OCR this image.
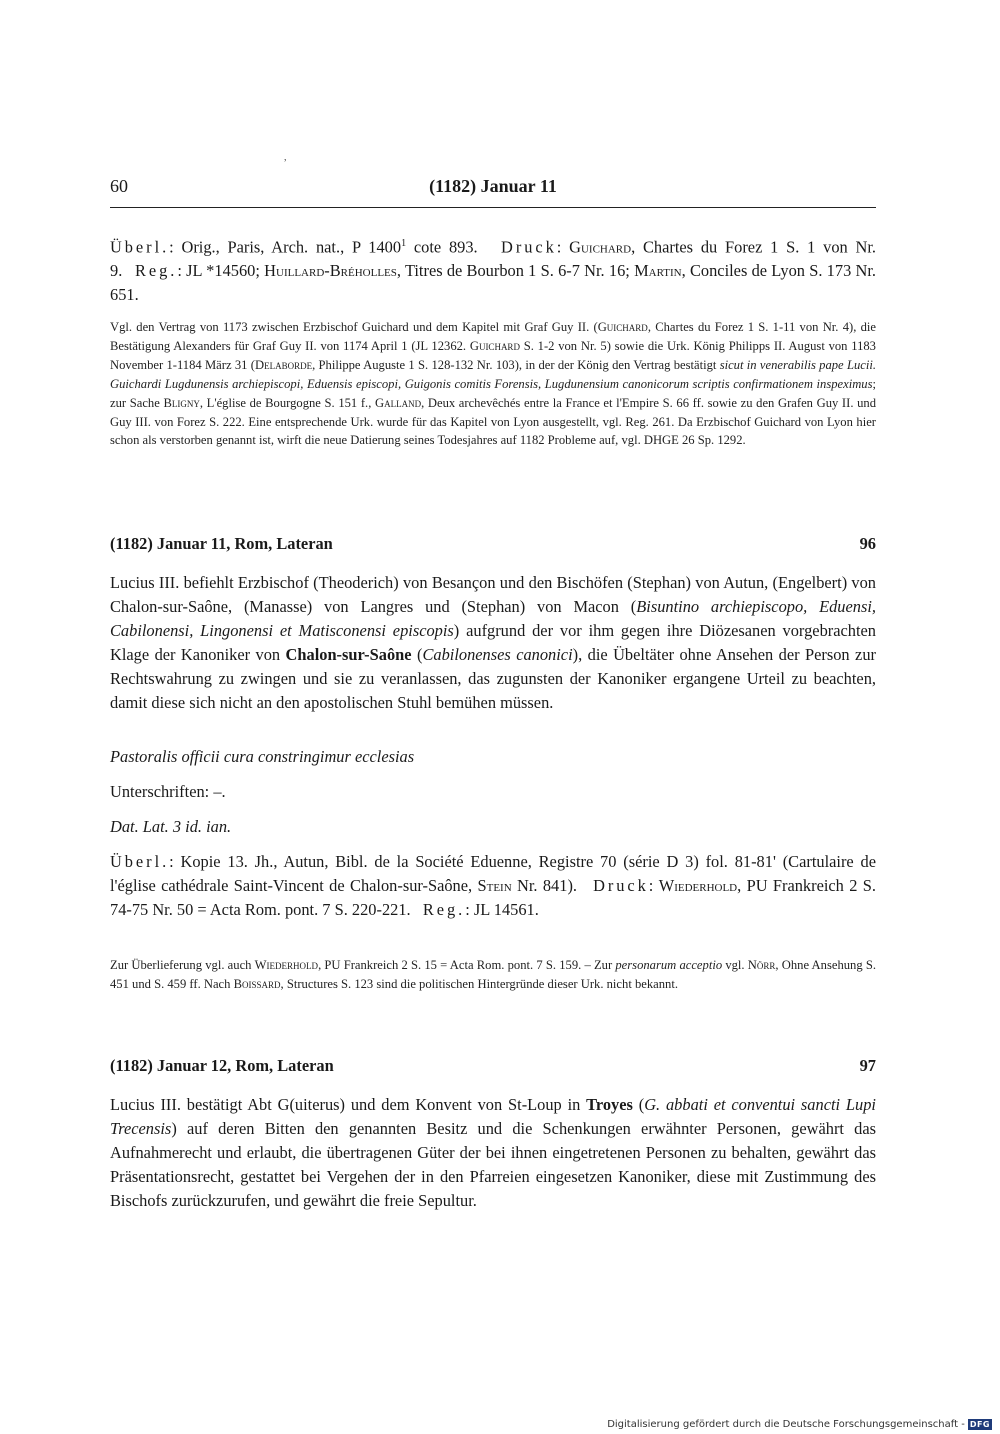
,
60	(1182) Januar 11
Überl.: Orig., Paris, Arch. nat., P 1400$^1$ cote 893. Druck: Guichard, Chartes du Forez 1 S. 1 von Nr. 9. Reg.: JL *14560; Huillard-Bréholles, Titres de Bourbon 1 S. 6-7 Nr. 16; Martin, Conciles de Lyon S. 173 Nr. 651.
Vgl. den Vertrag von 1173 zwischen Erzbischof Guichard und dem Kapitel mit Graf Guy II. (Guichard, Chartes du Forez 1 S. 1-11 von Nr. 4), die Bestätigung Alexanders für Graf Guy II. von 1174 April 1 (JL 12362. Guichard S. 1-2 von Nr. 5) sowie die Urk. König Philipps II. August von 1183 November 1-1184 März 31 (Delaborde, Philippe Auguste 1 S. 128-132 Nr. 103), in der der König den Vertrag bestätigt sicut in venerabilis pape Lucii. Guichardi Lugdunensis archiepiscopi, Eduensis episcopi, Guigonis comitis Forensis, Lugdunensium canonicorum scriptis confirmationem inspeximus; zur Sache Bligny, L'église de Bourgogne S. 151 f., Galland, Deux archevêchés entre la France et l'Empire S. 66 ff. sowie zu den Grafen Guy II. und Guy III. von Forez S. 222. Eine entsprechende Urk. wurde für das Kapitel von Lyon ausgestellt, vgl. Reg. 261. Da Erzbischof Guichard von Lyon hier schon als verstorben genannt ist, wirft die neue Datierung seines Todesjahres auf 1182 Probleme auf, vgl. DHGE 26 Sp. 1292.
(1182) Januar 11, Rom, Lateran	96
Lucius III. befiehlt Erzbischof (Theoderich) von Besançon und den Bischöfen (Stephan) von Autun, (Engelbert) von Chalon-sur-Saône, (Manasse) von Langres und (Stephan) von Macon (Bisuntino archiepiscopo, Eduensi, Cabilonensi, Lingonensi et Matisconensi episcopis) aufgrund der vor ihm gegen ihre Diözesanen vorgebrachten Klage der Kanoniker von Chalon-sur-Saône (Cabilonenses canonici), die Übeltäter ohne Ansehen der Person zur Rechtswahrung zu zwingen und sie zu veranlassen, das zugunsten der Kanoniker ergangene Urteil zu beachten, damit diese sich nicht an den apostolischen Stuhl bemühen müssen.
Pastoralis officii cura constringimur ecclesias
Unterschriften: –.
Dat. Lat. 3 id. ian.
Überl.: Kopie 13. Jh., Autun, Bibl. de la Société Eduenne, Registre 70 (série D 3) fol. 81-81' (Cartulaire de l'église cathédrale Saint-Vincent de Chalon-sur-Saône, Stein Nr. 841). Druck: Wiederhold, PU Frankreich 2 S. 74-75 Nr. 50 = Acta Rom. pont. 7 S. 220-221. Reg.: JL 14561.
Zur Überlieferung vgl. auch Wiederhold, PU Frankreich 2 S. 15 = Acta Rom. pont. 7 S. 159. – Zur personarum acceptio vgl. Nörr, Ohne Ansehung S. 451 und S. 459 ff. Nach Boissard, Structures S. 123 sind die politischen Hintergründe dieser Urk. nicht bekannt.
(1182) Januar 12, Rom, Lateran	97
Lucius III. bestätigt Abt G(uiterus) und dem Konvent von St-Loup in Troyes (G. abbati et conventui sancti Lupi Trecensis) auf deren Bitten den genannten Besitz und die Schenkungen erwähnter Personen, gewährt das Aufnahmerecht und erlaubt, die übertragenen Güter der bei ihnen eingetretenen Personen zu behalten, gewährt das Präsentationsrecht, gestattet bei Vergehen der in den Pfarreien eingesetzen Kanoniker, diese mit Zustimmung des Bischofs zurückzurufen, und gewährt die freie Sepultur.
Digitalisierung gefördert durch die Deutsche Forschungsgemeinschaft - DFG
